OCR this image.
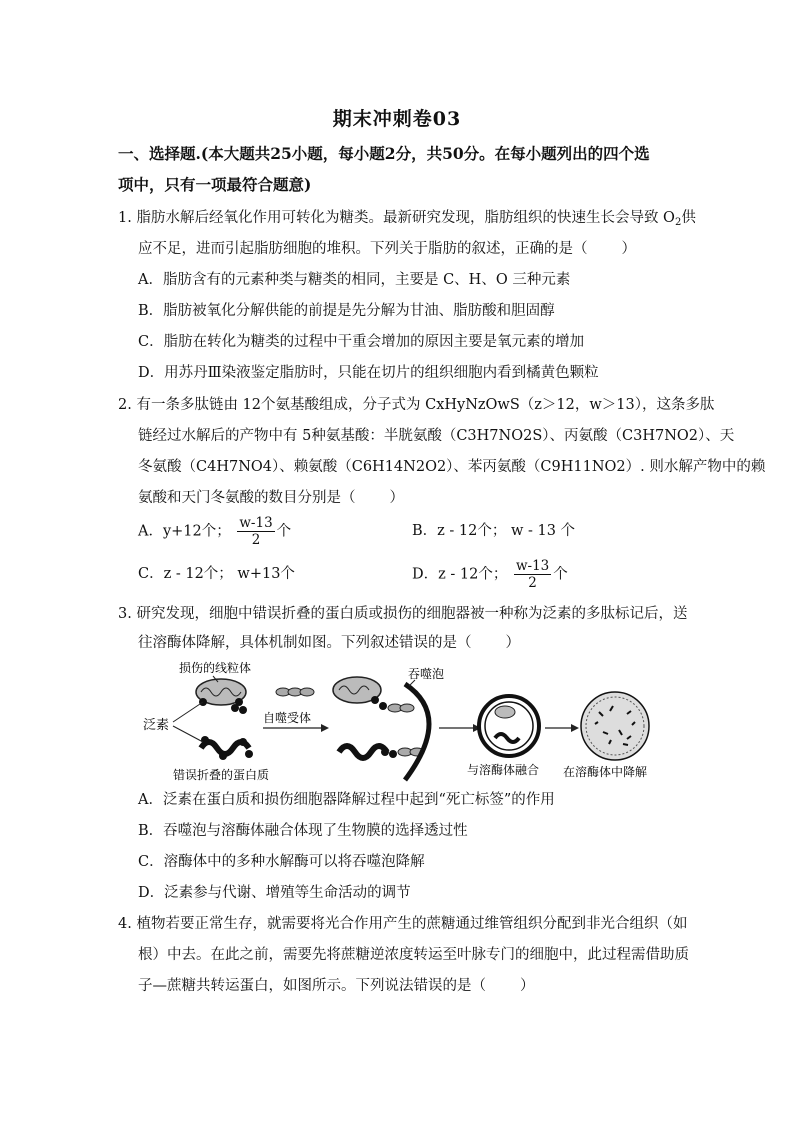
期末冲刺卷03
一、选择题.(本大题共25小题，每小题2分，共50分。在每小题列出的四个选
项中，只有一项最符合题意)
1. 脂肪水解后经氧化作用可转化为糖类。最新研究发现，脂肪组织的快速生长会导致 $O_2$供
应不足，进而引起脂肪细胞的堆积。下列关于脂肪的叙述，正确的是（ ）
A．脂肪含有的元素种类与糖类的相同，主要是 C、H、O 三种元素
B．脂肪被氧化分解供能的前提是先分解为甘油、脂肪酸和胆固醇
C．脂肪在转化为糖类的过程中干重会增加的原因主要是氧元素的增加
D．用苏丹Ⅲ染液鉴定脂肪时，只能在切片的组织细胞内看到橘黄色颗粒
2. 有一条多肽链由 12个氨基酸组成，分子式为 CxHyNzOwS（z＞12，w＞13），这条多肽
链经过水解后的产物中有 5种氨基酸：半胱氨酸（C3H7NO2S）、丙氨酸（C3H7NO2）、天
冬氨酸（C4H7NO4）、赖氨酸（C6H14N2O2）、苯丙氨酸（C9H11NO2）. 则水解产物中的赖
氨酸和天门冬氨酸的数目分别是（ ）
A．y+12个； $\frac{w-13}{2}$ 个	B．z - 12个； w - 13 个
C．z - 12个； w+13个	D．z - 12个； $\frac{w-13}{2}$ 个
3. 研究发现，细胞中错误折叠的蛋白质或损伤的细胞器被一种称为泛素的多肽标记后，送
往溶酶体降解，具体机制如图。下列叙述错误的是（ ）
损伤的线粒体
泛素
错误折叠的蛋白质
自噬受体
吞噬泡
与溶酶体融合 在溶酶体中降解
A．泛素在蛋白质和损伤细胞器降解过程中起到“死亡标签”的作用
B．吞噬泡与溶酶体融合体现了生物膜的选择透过性
C．溶酶体中的多种水解酶可以将吞噬泡降解
D．泛素参与代谢、增殖等生命活动的调节
4. 植物若要正常生存，就需要将光合作用产生的蔗糖通过维管组织分配到非光合组织（如
根）中去。在此之前，需要先将蔗糖逆浓度转运至叶脉专门的细胞中，此过程需借助质
子—蔗糖共转运蛋白，如图所示。下列说法错误的是（ ）
